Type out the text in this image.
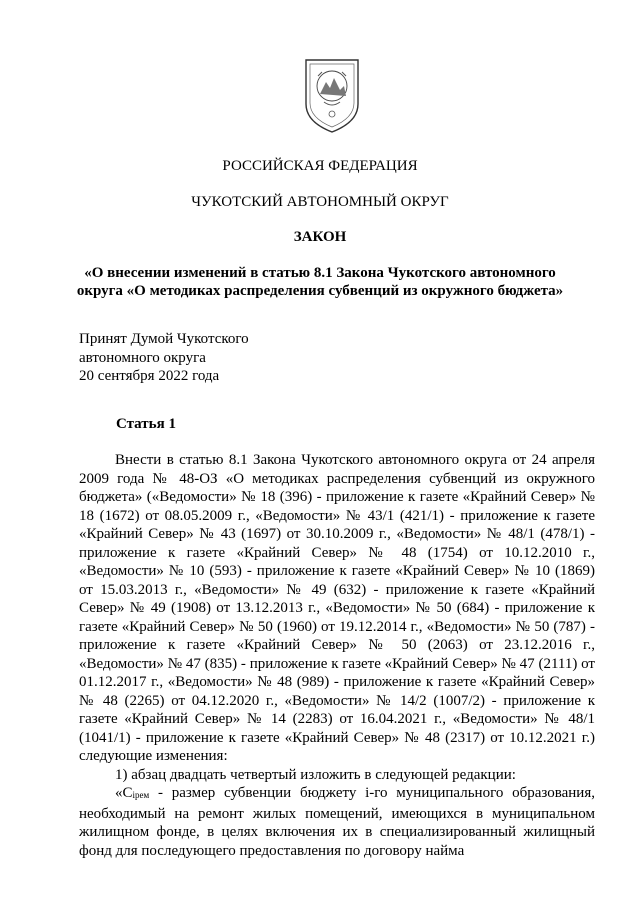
РОССИЙСКАЯ ФЕДЕРАЦИЯ
ЧУКОТСКИЙ АВТОНОМНЫЙ ОКРУГ
ЗАКОН
«О внесении изменений в статью 8.1 Закона Чукотского автономного
округа «О методиках распределения субвенций из окружного бюджета»
Принят Думой Чукотского
автономного округа
20 сентября 2022 года
Статья 1

Внести в статью 8.1 Закона Чукотского автономного округа от 24 апреля 2009 года № 48-ОЗ «О методиках распределения субвенций из окружного бюджета» («Ведомости» № 18 (396) - приложение к газете «Крайний Север» № 18 (1672) от 08.05.2009 г., «Ведомости» № 43/1 (421/1) - приложение к газете «Крайний Север» № 43 (1697) от 30.10.2009 г., «Ведомости» № 48/1 (478/1) - приложение к газете «Крайний Север» № 48 (1754) от 10.12.2010 г., «Ведомости» № 10 (593) - приложение к газете «Крайний Север» № 10 (1869) от 15.03.2013 г., «Ведомости» № 49 (632) - приложение к газете «Крайний Север» № 49 (1908) от 13.12.2013 г., «Ведомости» № 50 (684) - приложение к газете «Крайний Север» № 50 (1960) от 19.12.2014 г., «Ведомости» № 50 (787) - приложение к газете «Крайний Север» № 50 (2063) от 23.12.2016 г., «Ведомости» № 47 (835) - приложение к газете «Крайний Север» № 47 (2111) от 01.12.2017 г., «Ведомости» № 48 (989) - приложение к газете «Крайний Север» № 48 (2265) от 04.12.2020 г., «Ведомости» № 14/2 (1007/2) - приложение к газете «Крайний Север» № 14 (2283) от 16.04.2021 г., «Ведомости» № 48/1 (1041/1) - приложение к газете «Крайний Север» № 48 (2317) от 10.12.2021 г.) следующие изменения:

1) абзац двадцать четвертый изложить в следующей редакции:

«Ciрем - размер субвенции бюджету i-го муниципального образования, необходимый на ремонт жилых помещений, имеющихся в муниципальном жилищном фонде, в целях включения их в специализированный жилищный фонд для последующего предоставления по договору найма
